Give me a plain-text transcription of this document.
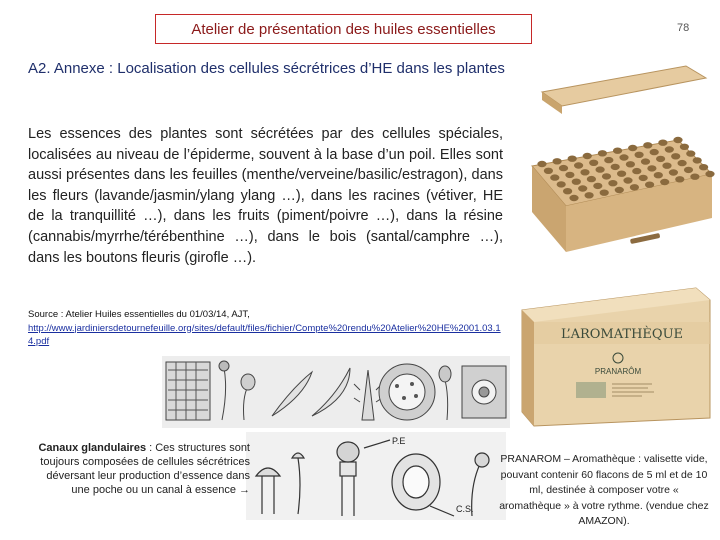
Atelier de présentation des huiles essentielles	78
A2. Annexe : Localisation des cellules sécrétrices d’HE dans les plantes
Les essences des plantes sont sécrétées par des cellules spéciales, localisées au niveau de l’épiderme, souvent à la base d’un poil. Elles sont aussi présentes dans les feuilles (menthe/verveine/basilic/estragon), dans les fleurs (lavande/jasmin/ylang ylang …), dans les racines (vétiver, HE de la tranquillité …), dans les fruits (piment/poivre …), dans la résine (cannabis/myrrhe/térébenthine …), dans le bois (santal/camphre …), dans les boutons fleuris (girofle …).
Source : Atelier Huiles essentielles du 01/03/14, AJT,
http://www.jardiniersdetournefeuille.org/sites/default/files/fichier/Compte%20rendu%20Atelier%20HE%2001.03.14.pdf
P.E
C.S.
Canaux glandulaires : Ces structures sont toujours composées de cellules sécrétrices déversant leur production d’essence dans une poche ou un canal à essence →
L’AROMATHÈQUE
PRANARÔM
PRANAROM – Aromathèque : valisette vide, pouvant contenir 60 flacons de 5 ml et de 10 ml, destinée à composer votre « aromathèque » à votre rythme. (vendue chez AMAZON).
